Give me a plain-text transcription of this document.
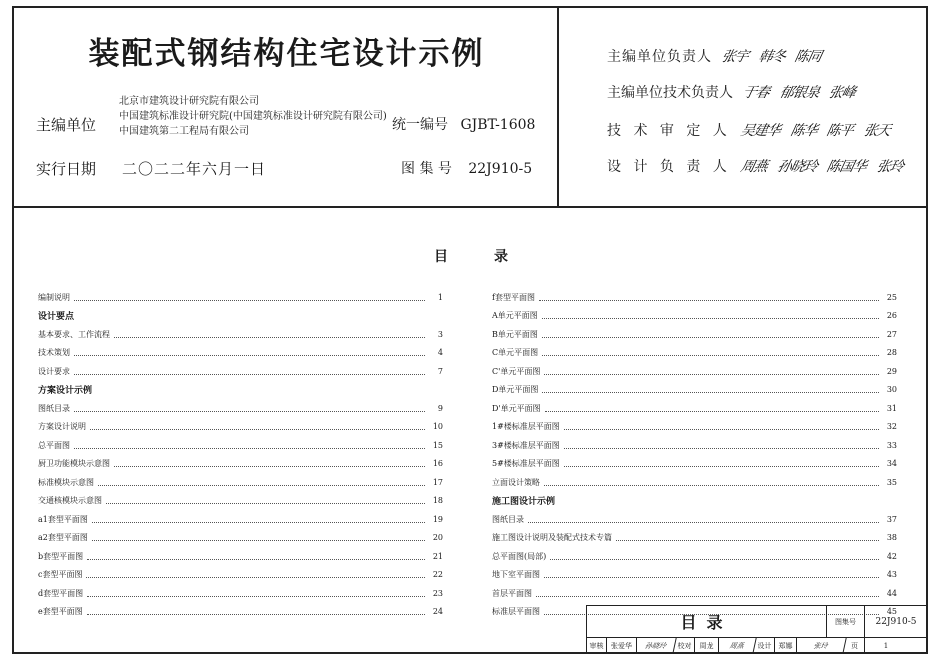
装配式钢结构住宅设计示例
主编单位
北京市建筑设计研究院有限公司
中国建筑标准设计研究院(中国建筑标准设计研究院有限公司)
中国建筑第二工程局有限公司	统一编号 GJBT-1608
实行日期 二〇二二年六月一日	图 集 号 22J910-5
主编单位负责人 张宇 韩冬 陈同
主编单位技术负责人 于春 郁银泉 张峰
技 术 审 定 人 吴建华 陈华 陈平 张天
设 计 负 责 人 周燕 孙晓玲 陈国华 张玲
目	录
编制说明	1
设计要点
基本要求、工作流程	3
技术策划	4
设计要求	7
方案设计示例
图纸目录	9
方案设计说明	10
总平面图	15
厨卫功能模块示意图	16
标准模块示意图	17
交通核模块示意图	18
a1套型平面图	19
a2套型平面图	20
b套型平面图	21
c套型平面图	22
d套型平面图	23
e套型平面图	24
f套型平面图	25
A单元平面图	26
B单元平面图	27
C单元平面图	28
C'单元平面图	29
D单元平面图	30
D'单元平面图	31
1#楼标准层平面图	32
3#楼标准层平面图	33
5#楼标准层平面图	34
立面设计策略	35
施工图设计示例
图纸目录	37
施工图设计说明及装配式技术专篇	38
总平面图(局部)	42
地下室平面图	43
首层平面图	44
标准层平面图	45
目录	图集号	22J910-5
审核	张爱华	孙晓玲	校对	周龙	周燕	设计	郑娜	张玲	页	1
